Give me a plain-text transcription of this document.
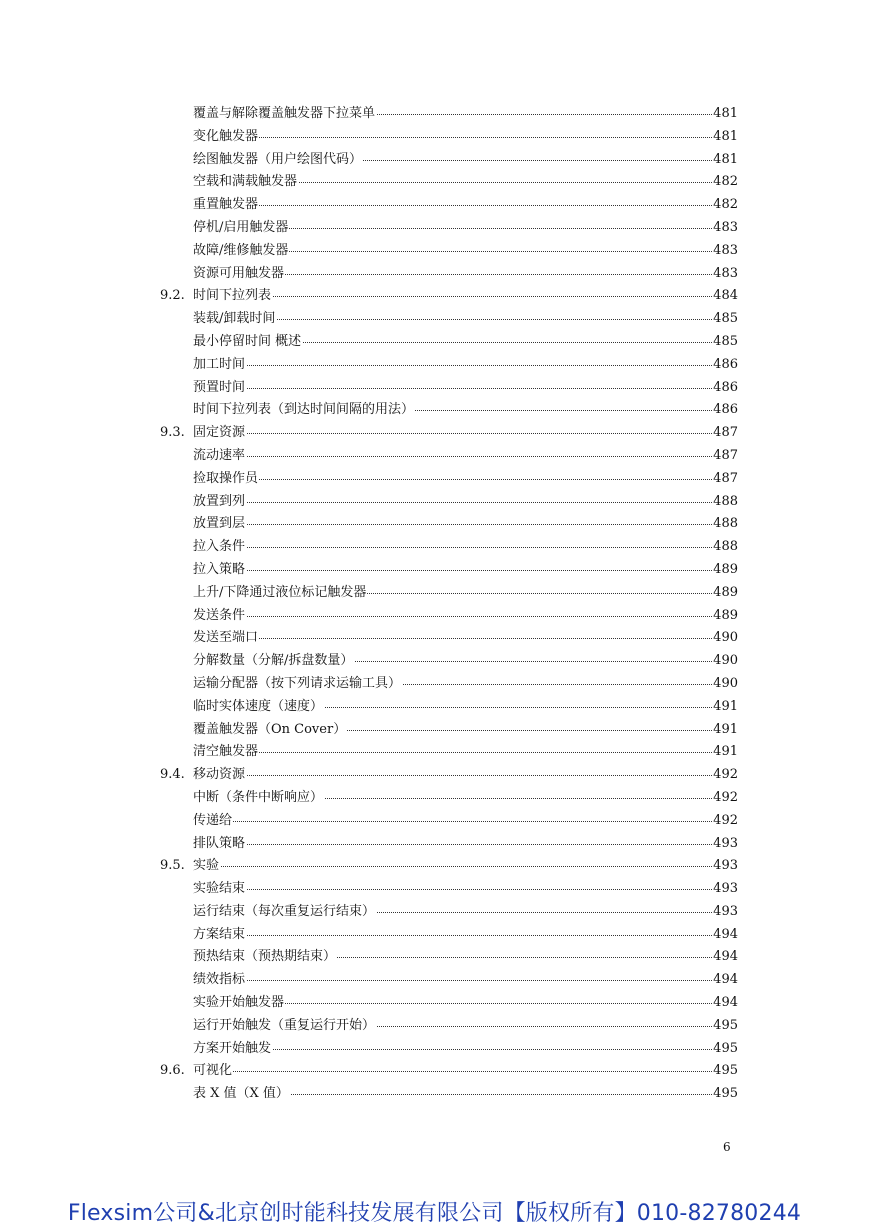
覆盖与解除覆盖触发器下拉菜单	481
变化触发器	481
绘图触发器（用户绘图代码）	481
空载和满载触发器	482
重置触发器	482
停机/启用触发器	483
故障/维修触发器	483
资源可用触发器	483
9.2. 时间下拉列表	484
装载/卸载时间	485
最小停留时间 概述	485
加工时间	486
预置时间	486
时间下拉列表（到达时间间隔的用法）	486
9.3. 固定资源	487
流动速率	487
捡取操作员	487
放置到列	488
放置到层	488
拉入条件	488
拉入策略	489
上升/下降通过液位标记触发器	489
发送条件	489
发送至端口	490
分解数量（分解/拆盘数量）	490
运输分配器（按下列请求运输工具）	490
临时实体速度（速度）	491
覆盖触发器（On Cover）	491
清空触发器	491
9.4. 移动资源	492
中断（条件中断响应）	492
传递给	492
排队策略	493
9.5. 实验	493
实验结束	493
运行结束（每次重复运行结束）	493
方案结束	494
预热结束（预热期结束）	494
绩效指标	494
实验开始触发器	494
运行开始触发（重复运行开始）	495
方案开始触发	495
9.6. 可视化	495
表 X 值（X 值）	495
6
Flexsim公司&北京创时能科技发展有限公司【版权所有】010-82780244
